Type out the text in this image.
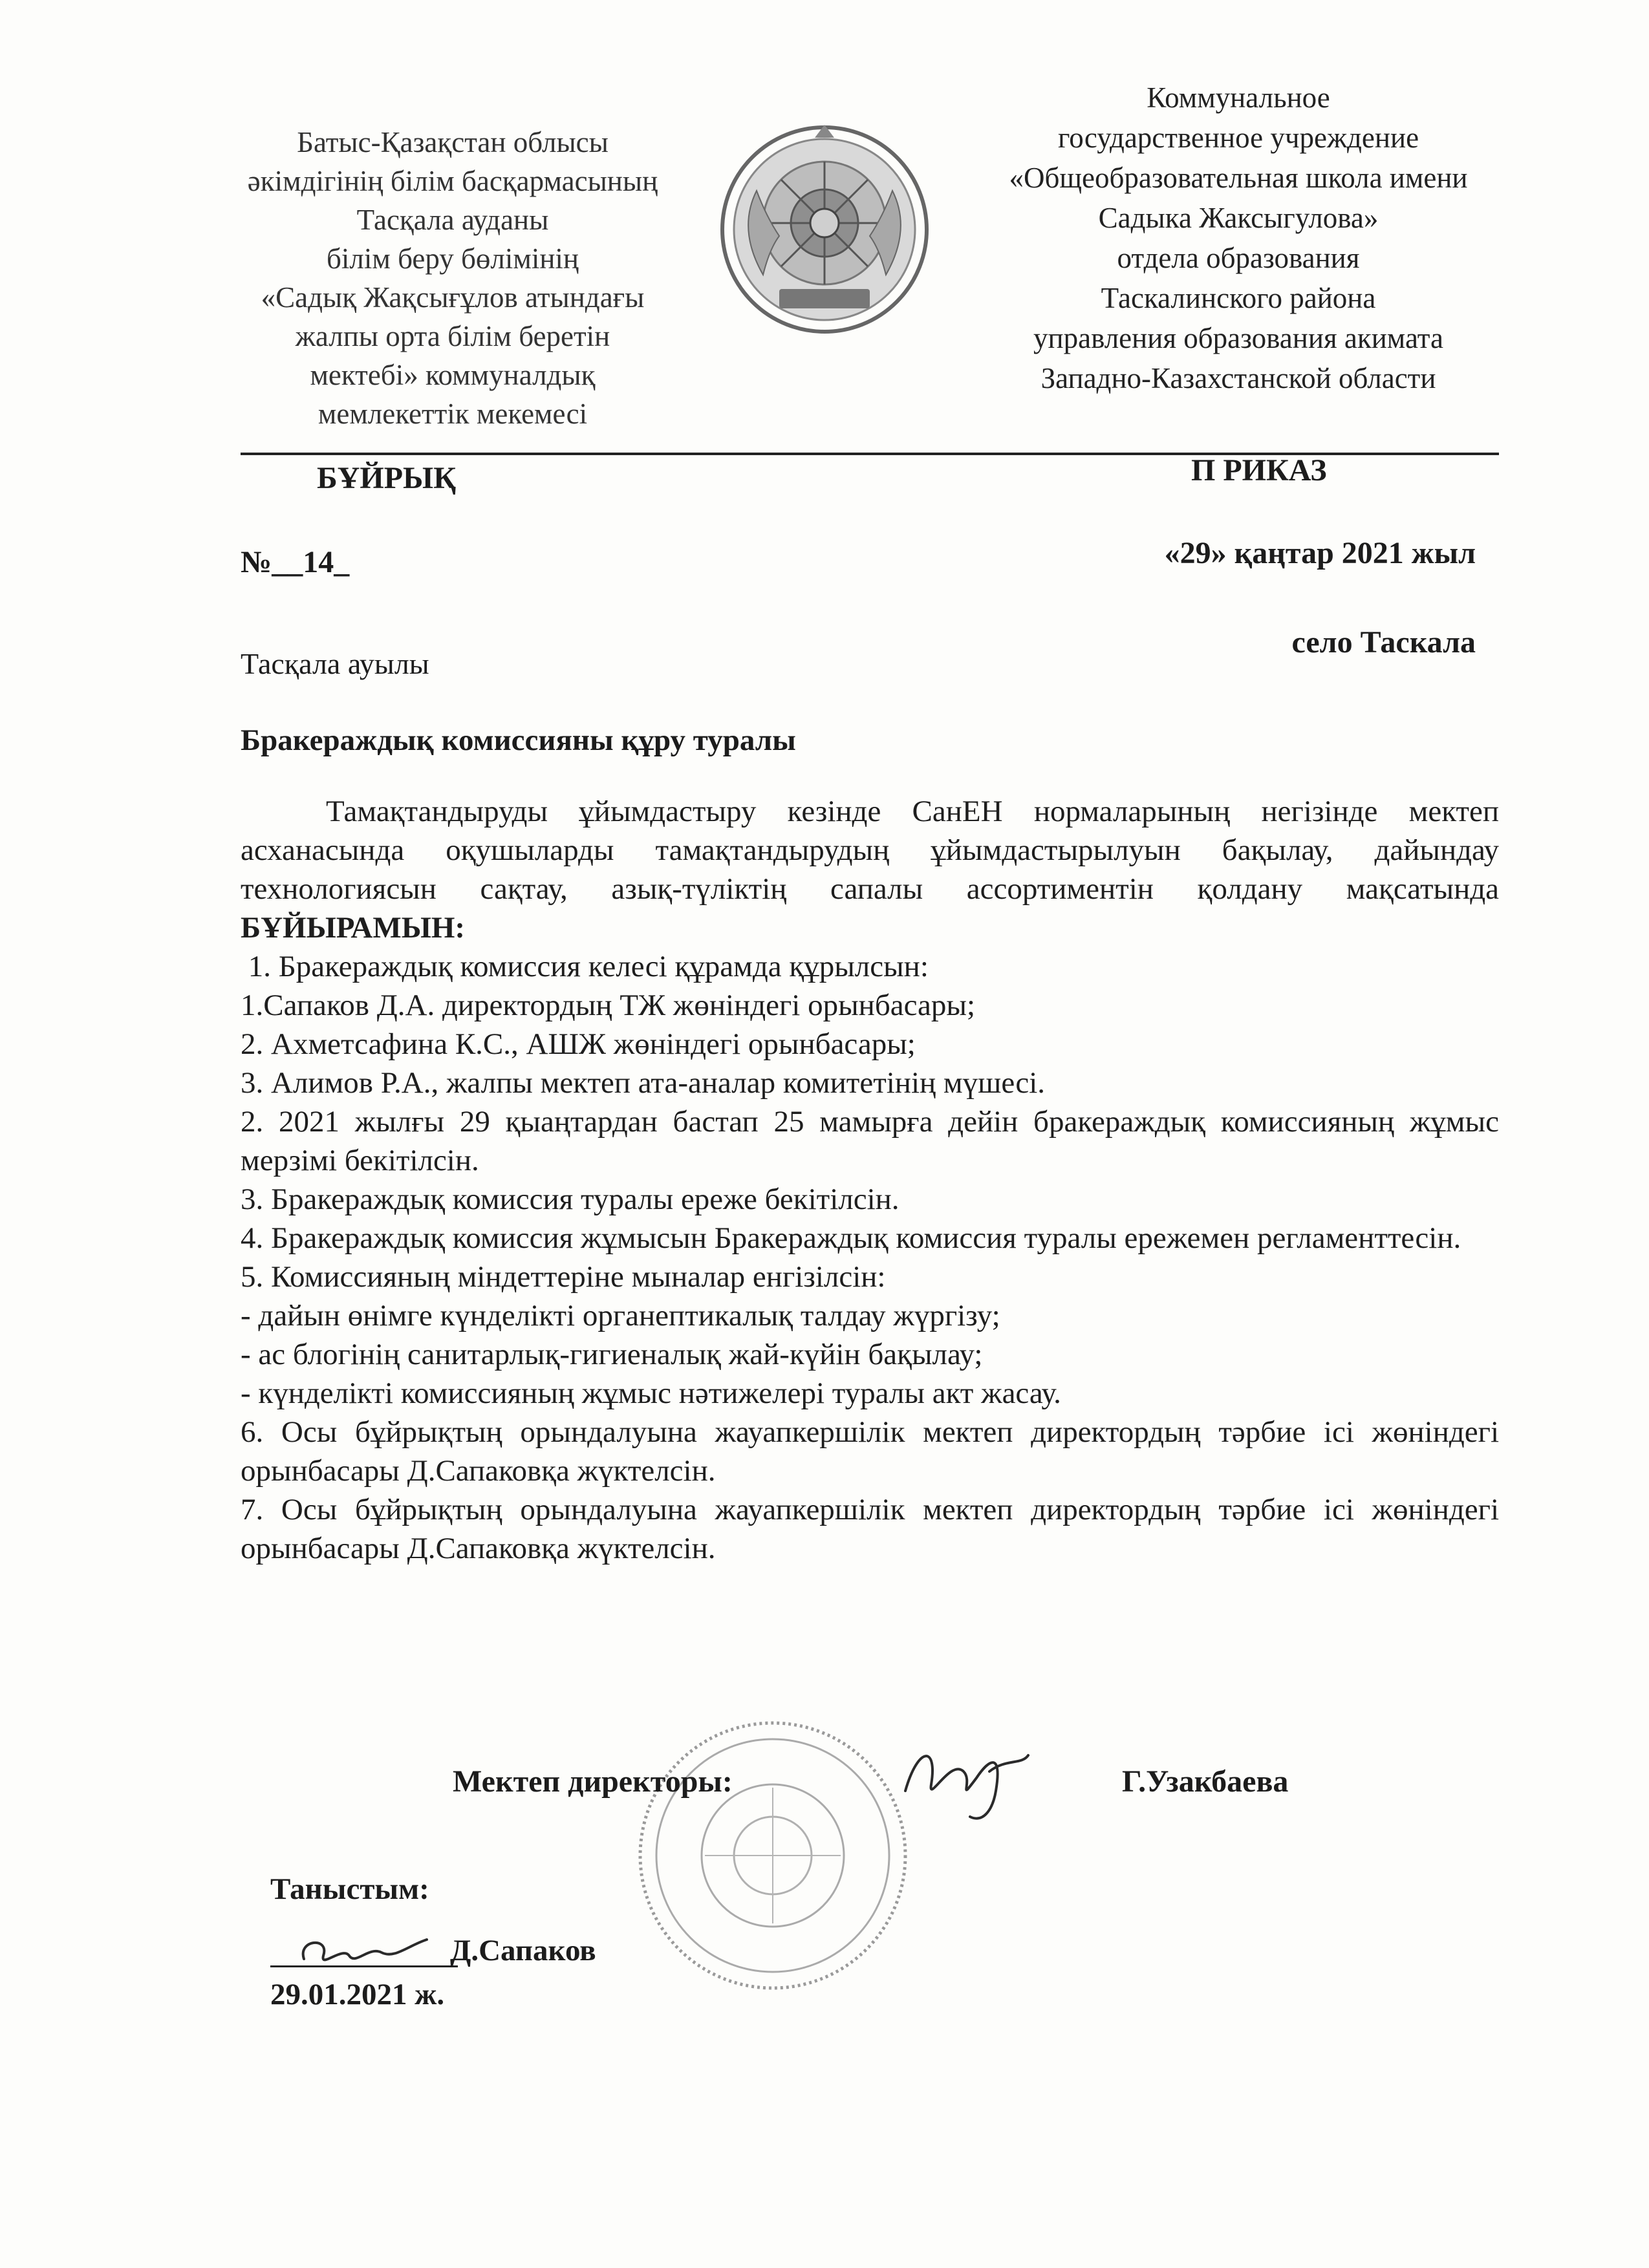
Батыс-Қазақстан облысы
әкімдігінің білім басқармасының
Тасқала ауданы
білім беру бөлімінің
«Садық Жақсығұлов атындағы
жалпы орта білім беретін
мектебі» коммуналдық
мемлекеттік мекемесі
Коммунальное
государственное учреждение
«Общеобразовательная школа имени
Садыка Жаксыгулова»
отдела образования
Таскалинского района
управления образования акимата
Западно-Казахстанской области
БҰЙРЫҚ	П РИКАЗ
№__14_	«29» қаңтар 2021 жыл
Тасқала ауылы
село Таскала
Бракераждық комиссияны құру туралы

Тамақтандыруды ұйымдастыру кезінде СанЕН нормаларының негізінде мектеп асханасында оқушыларды тамақтандырудың ұйымдастырылуын бақылау, дайындау технологиясын сақтау, азық-түліктің сапалы ассортиментін қолдану мақсатында БҰЙЫРАМЫН:

1. Бракераждық комиссия келесі құрамда құрылсын:
1.Сапаков Д.А. директордың ТЖ жөніндегі орынбасары;
2. Ахметсафина К.С., АШЖ жөніндегі орынбасары;
3. Алимов Р.А., жалпы мектеп ата-аналар комитетінің мүшесі.
2. 2021 жылғы 29 қыаңтардан бастап 25 мамырға дейін бракераждық комиссияның жұмыс мерзімі бекітілсін.
3. Бракераждық комиссия туралы ереже бекітілсін.
4. Бракераждық комиссия жұмысын Бракераждық комиссия туралы ережемен регламенттесін.
5. Комиссияның міндеттеріне мыналар енгізілсін:
- дайын өнімге күнделікті органептикалық талдау жүргізу;
- ас блогінің санитарлық-гигиеналық жай-күйін бақылау;
- күнделікті комиссияның жұмыс нәтижелері туралы акт жасау.
6. Осы бұйрықтың орындалуына жауапкершілік мектеп директордың тәрбие ісі жөніндегі орынбасары Д.Сапаковқа жүктелсін.
7. Осы бұйрықтың орындалуына жауапкершілік мектеп директордың тәрбие ісі жөніндегі орынбасары Д.Сапаковқа жүктелсін.
Мектеп директоры:	Г.Узакбаева
Таныстым:
Д.Сапаков
29.01.2021 ж.
